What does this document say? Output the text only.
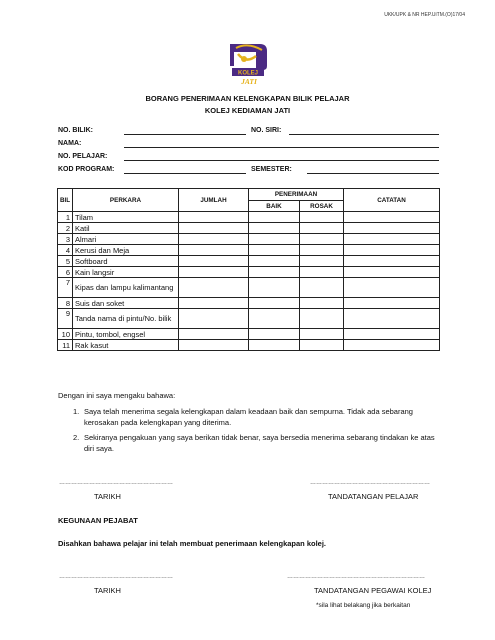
UKK/UPK & NR HEP.UiTM.(O)17/04
KOLEJ
JATI
BORANG PENERIMAAN KELENGKAPAN BILIK PELAJAR
KOLEJ KEDIAMAN JATI
NO. BILIK:	NO. SIRI:
NAMA:
NO. PELAJAR:
KOD PROGRAM:	SEMESTER:
BIL	PERKARA	JUMLAH	PENERIMAAN		CATATAN
			BAIK	ROSAK	
1	Tilam				
2	Katil				
3	Almari				
4	Kerusi dan Meja				
5	Softboard				
6	Kain langsir				
7	Kipas dan lampu kalimantang				
8	Suis dan soket				
9	Tanda nama di pintu/No. bilik				
10	Pintu, tombol, engsel				
11	Rak kasut				
Dengan ini saya mengaku bahawa:
1. Saya telah menerima segala kelengkapan dalam keadaan baik dan sempurna. Tidak ada sebarang kerosakan pada kelengkapan yang diterima.
2. Sekiranya pengakuan yang saya berikan tidak benar, saya bersedia menerima sebarang tindakan ke atas diri saya.
…………………………………………………
TARIKH
……………………………………………………
TANDATANGAN PELAJAR
KEGUNAAN PEJABAT
Disahkan bahawa pelajar ini telah membuat penerimaan kelengkapan kolej.
…………………………………………………
TARIKH
……………………………………………………………
TANDATANGAN PEGAWAI KOLEJ
*sila lihat belakang jika berkaitan
